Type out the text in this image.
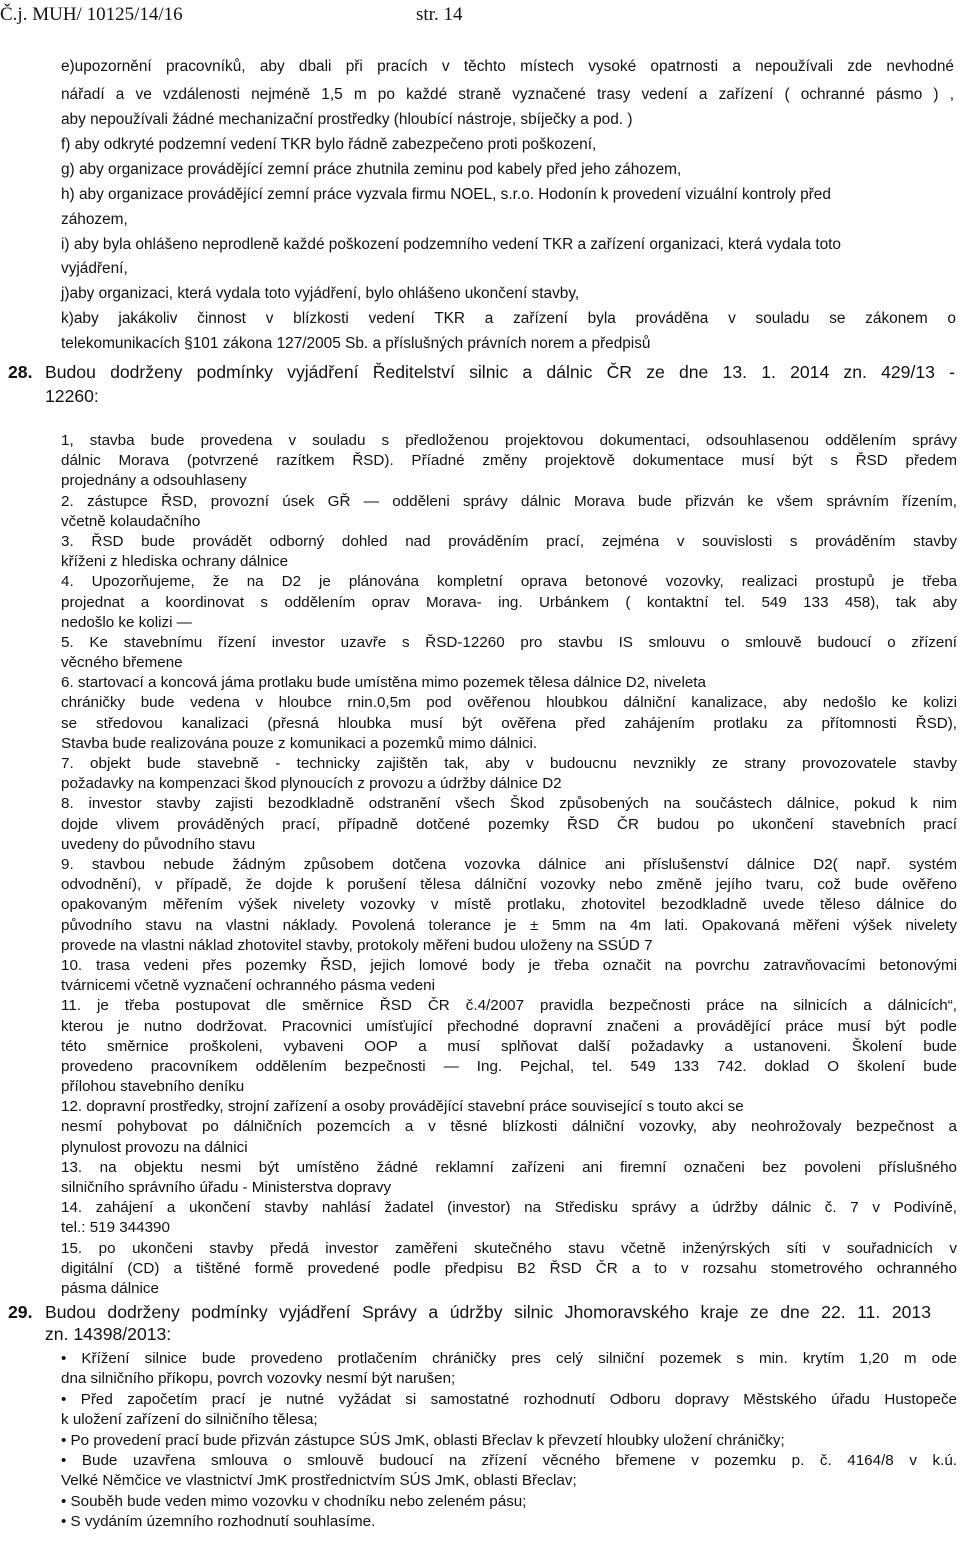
Č.j. MUH/ 10125/14/16	str. 14
e)upozornění pracovníků, aby dbali při pracích v těchto místech vysoké opatrnosti a nepoužívali zde nevhodné
nářadí a ve vzdálenosti nejméně 1,5 m po každé straně vyznačené trasy vedení a zařízení ( ochranné pásmo ) ,
aby nepoužívali žádné mechanizační prostředky (hloubící nástroje, sbíječky a pod. )
f) aby odkryté podzemní vedení TKR bylo řádně zabezpečeno proti poškození,
g) aby organizace provádějící zemní práce zhutnila zeminu pod kabely před jeho záhozem,
h) aby organizace provádějící zemní práce vyzvala firmu NOEL, s.r.o. Hodonín k provedení vizuální kontroly před
záhozem,
i) aby byla ohlášeno neprodleně každé poškození podzemního vedení TKR a zařízení organizaci, která vydala toto
vyjádření,
j)aby organizaci, která vydala toto vyjádření, bylo ohlášeno ukončení stavby,
k)aby jakákoliv činnost v blízkosti vedení TKR a zařízení byla prováděna v souladu se zákonem o
telekomunikacích §101 zákona 127/2005 Sb. a příslušných právních norem a předpisů
28. Budou dodrženy podmínky vyjádření Ředitelství silnic a dálnic ČR ze dne 13. 1. 2014 zn. 429/13 -
12260:
1, stavba bude provedena v souladu s předloženou projektovou dokumentaci, odsouhlasenou oddělením správy
dálnic Morava (potvrzené razítkem ŘSD). Příadné změny projektově dokumentace musí být s ŘSD předem
projednány a odsouhlaseny
2. zástupce ŘSD, provozní úsek GŘ — odděleni správy dálnic Morava bude přizván ke všem správním řízením,
včetně kolaudačního
3. ŘSD bude provádět odborný dohled nad prováděním prací, zejména v souvislosti s prováděním stavby
kříženi z hlediska ochrany dálnice
4. Upozorňujeme, že na D2 je plánována kompletní oprava betonové vozovky, realizaci prostupů je třeba
projednat a koordinovat s oddělením oprav Morava- ing. Urbánkem ( kontaktní tel. 549 133 458), tak aby
nedošlo ke kolizi —
5. Ke stavebnímu řízení investor uzavře s ŘSD-12260 pro stavbu IS smlouvu o smlouvě budoucí o zřízení
věcného břemene
6. startovací a koncová jáma protlaku bude umístěna mimo pozemek tělesa dálnice D2, niveleta
chráničky bude vedena v hloubce rnin.0,5m pod ověřenou hloubkou dálniční kanalizace, aby nedošlo ke kolizi
se středovou kanalizaci (přesná hloubka musí být ověřena před zahájením protlaku za přítomnosti ŘSD),
Stavba bude realizována pouze z komunikaci a pozemků mimo dálnici.
7. objekt bude stavebně - technicky zajištěn tak, aby v budoucnu nevznikly ze strany provozovatele stavby
požadavky na kompenzaci škod plynoucích z provozu a údržby dálnice D2
8. investor stavby zajisti bezodkladně odstranění všech Škod způsobených na součástech dálnice, pokud k nim
dojde vlivem prováděných prací, případně dotčené pozemky ŘSD ČR budou po ukončení stavebních prací
uvedeny do původního stavu
9. stavbou nebude žádným způsobem dotčena vozovka dálnice ani příslušenství dálnice D2( např. systém
odvodnění), v případě, že dojde k porušení tělesa dálniční vozovky nebo změně jejího tvaru, což bude ověřeno
opakovaným měřením výšek nivelety vozovky v místě protlaku, zhotovitel bezodkladně uvede těleso dálnice do
původního stavu na vlastni náklady. Povolená tolerance je ± 5mm na 4m lati. Opakovaná měřeni výšek nivelety
provede na vlastni náklad zhotovitel stavby, protokoly měřeni budou uloženy na SSÚD 7
10. trasa vedeni přes pozemky ŘSD, jejich lomové body je třeba označit na povrchu zatravňovacími betonovými
tvárnicemi včetně vyznačení ochranného pásma vedeni
11. je třeba postupovat dle směrnice ŘSD ČR č.4/2007 pravidla bezpečnosti práce na silnicích a dálnicích“,
kterou je nutno dodržovat. Pracovnici umísťující přechodné dopravní značeni a provádějící práce musí být podle
této směrnice proškoleni, vybaveni OOP a musí splňovat další požadavky a ustanoveni. Školení bude
provedeno pracovníkem oddělením bezpečnosti — Ing. Pejchal, tel. 549 133 742. doklad O školení bude
přílohou stavebního deníku
12. dopravní prostředky, strojní zařízení a osoby provádějící stavební práce související s touto akci se
nesmí pohybovat po dálničních pozemcích a v těsné blízkosti dálniční vozovky, aby neohrožovaly bezpečnost a
plynulost provozu na dálnici
13. na objektu nesmi být umístěno žádné reklamní zařízeni ani firemní označeni bez povoleni příslušného
silničního správního úřadu - Ministerstva dopravy
14. zahájení a ukončení stavby nahlásí žadatel (investor) na Středisku správy a údržby dálnic č. 7 v Podivíně,
tel.: 519 344390
15. po ukončeni stavby předá investor zaměřeni skutečného stavu včetně inženýrských síti v souřadnicích v
digitální (CD) a tištěné formě provedené podle předpisu B2 ŘSD ČR a to v rozsahu stometrového ochranného
pásma dálnice
29. Budou dodrženy podmínky vyjádření Správy a údržby silnic Jhomoravského kraje ze dne 22. 11. 2013
zn. 14398/2013:
• Křížení silnice bude provedeno protlačením chráničky pres celý silniční pozemek s min. krytím 1,20 m ode
dna silničního příkopu, povrch vozovky nesmí být narušen;
• Před započetím prací je nutné vyžádat si samostatné rozhodnutí Odboru dopravy Městského úřadu Hustopeče
k uložení zařízení do silničního tělesa;
• Po provedení prací bude přizván zástupce SÚS JmK, oblasti Břeclav k převzetí hloubky uložení chráničky;
• Bude uzavřena smlouva o smlouvě budoucí na zřízení věcného břemene v pozemku p. č. 4164/8 v k.ú.
Velké Němčice ve vlastnictví JmK prostřednictvím SÚS JmK, oblasti Břeclav;
• Souběh bude veden mimo vozovku v chodníku nebo zeleném pásu;
• S vydáním územního rozhodnutí souhlasíme.
